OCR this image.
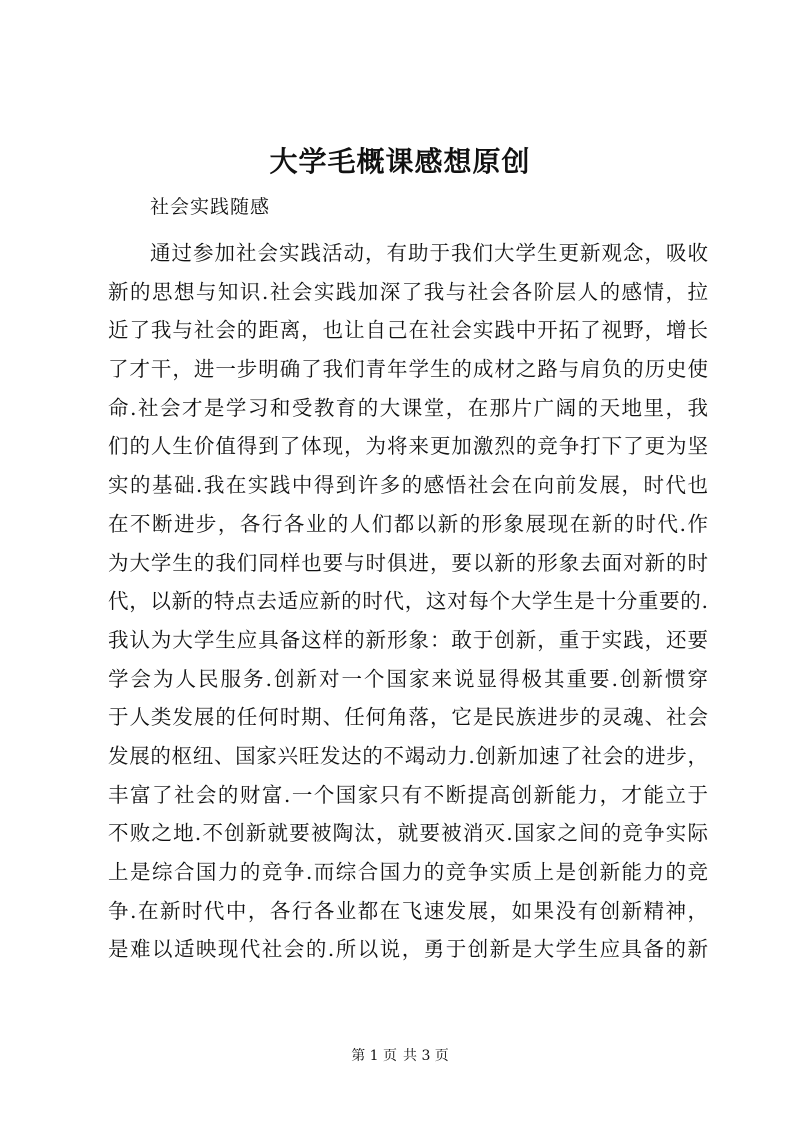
大学毛概课感想原创
社会实践随感
通过参加社会实践活动，有助于我们大学生更新观念，吸收
新的思想与知识.社会实践加深了我与社会各阶层人的感情，拉
近了我与社会的距离，也让自己在社会实践中开拓了视野，增长
了才干，进一步明确了我们青年学生的成材之路与肩负的历史使
命.社会才是学习和受教育的大课堂，在那片广阔的天地里，我
们的人生价值得到了体现，为将来更加激烈的竞争打下了更为坚
实的基础.我在实践中得到许多的感悟社会在向前发展，时代也
在不断进步，各行各业的人们都以新的形象展现在新的时代.作
为大学生的我们同样也要与时俱进，要以新的形象去面对新的时
代，以新的特点去适应新的时代，这对每个大学生是十分重要的.
我认为大学生应具备这样的新形象：敢于创新，重于实践，还要
学会为人民服务.创新对一个国家来说显得极其重要.创新惯穿
于人类发展的任何时期、任何角落，它是民族进步的灵魂、社会
发展的枢纽、国家兴旺发达的不竭动力.创新加速了社会的进步，
丰富了社会的财富.一个国家只有不断提高创新能力，才能立于
不败之地.不创新就要被陶汰，就要被消灭.国家之间的竞争实际
上是综合国力的竞争.而综合国力的竞争实质上是创新能力的竞
争.在新时代中，各行各业都在飞速发展，如果没有创新精神，
是难以适映现代社会的.所以说，勇于创新是大学生应具备的新
第 1 页 共 3 页
